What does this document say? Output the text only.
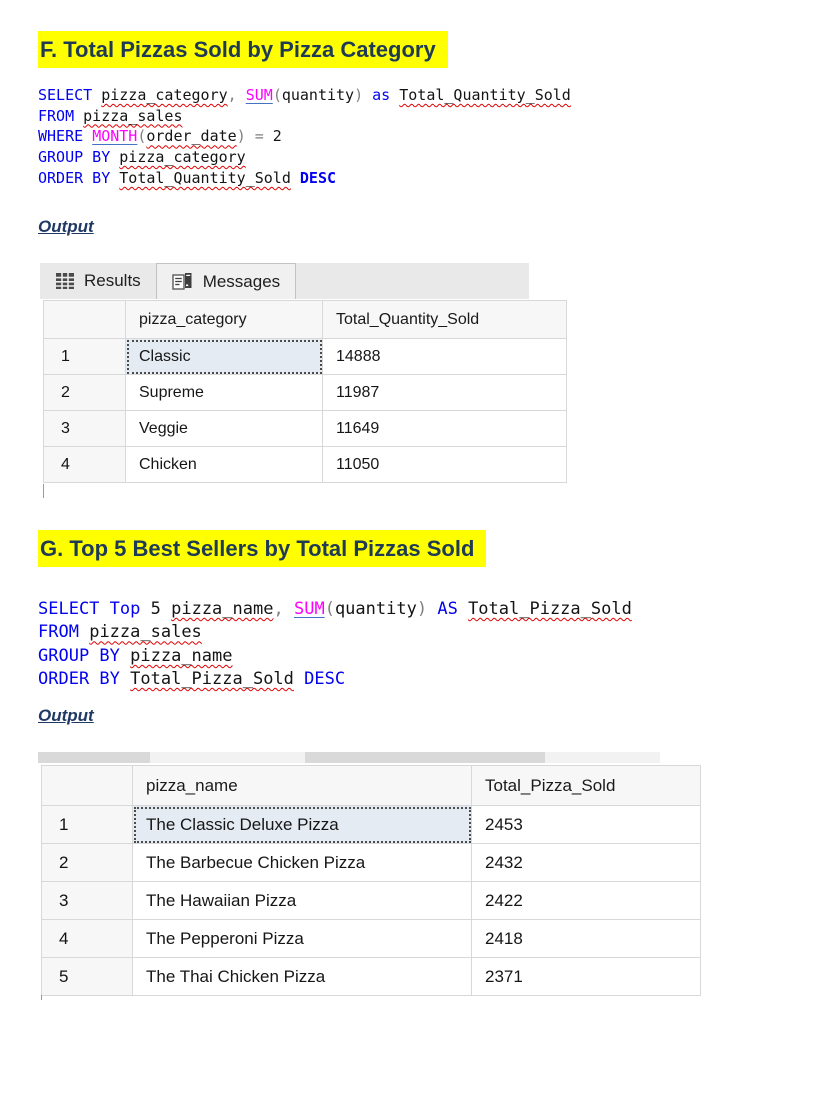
F. Total Pizzas Sold by Pizza Category
SELECT pizza_category, SUM(quantity) as Total_Quantity_Sold
FROM pizza_sales
WHERE MONTH(order_date) = 2
GROUP BY pizza_category
ORDER BY Total_Quantity_Sold DESC
Output
Results	Messages
	pizza_category	Total_Quantity_Sold
1	Classic	14888
2	Supreme	11987
3	Veggie	11649
4	Chicken	11050
G. Top 5 Best Sellers by Total Pizzas Sold
SELECT Top 5 pizza_name, SUM(quantity) AS Total_Pizza_Sold
FROM pizza_sales
GROUP BY pizza_name
ORDER BY Total_Pizza_Sold DESC
Output
	pizza_name	Total_Pizza_Sold
1	The Classic Deluxe Pizza	2453
2	The Barbecue Chicken Pizza	2432
3	The Hawaiian Pizza	2422
4	The Pepperoni Pizza	2418
5	The Thai Chicken Pizza	2371
